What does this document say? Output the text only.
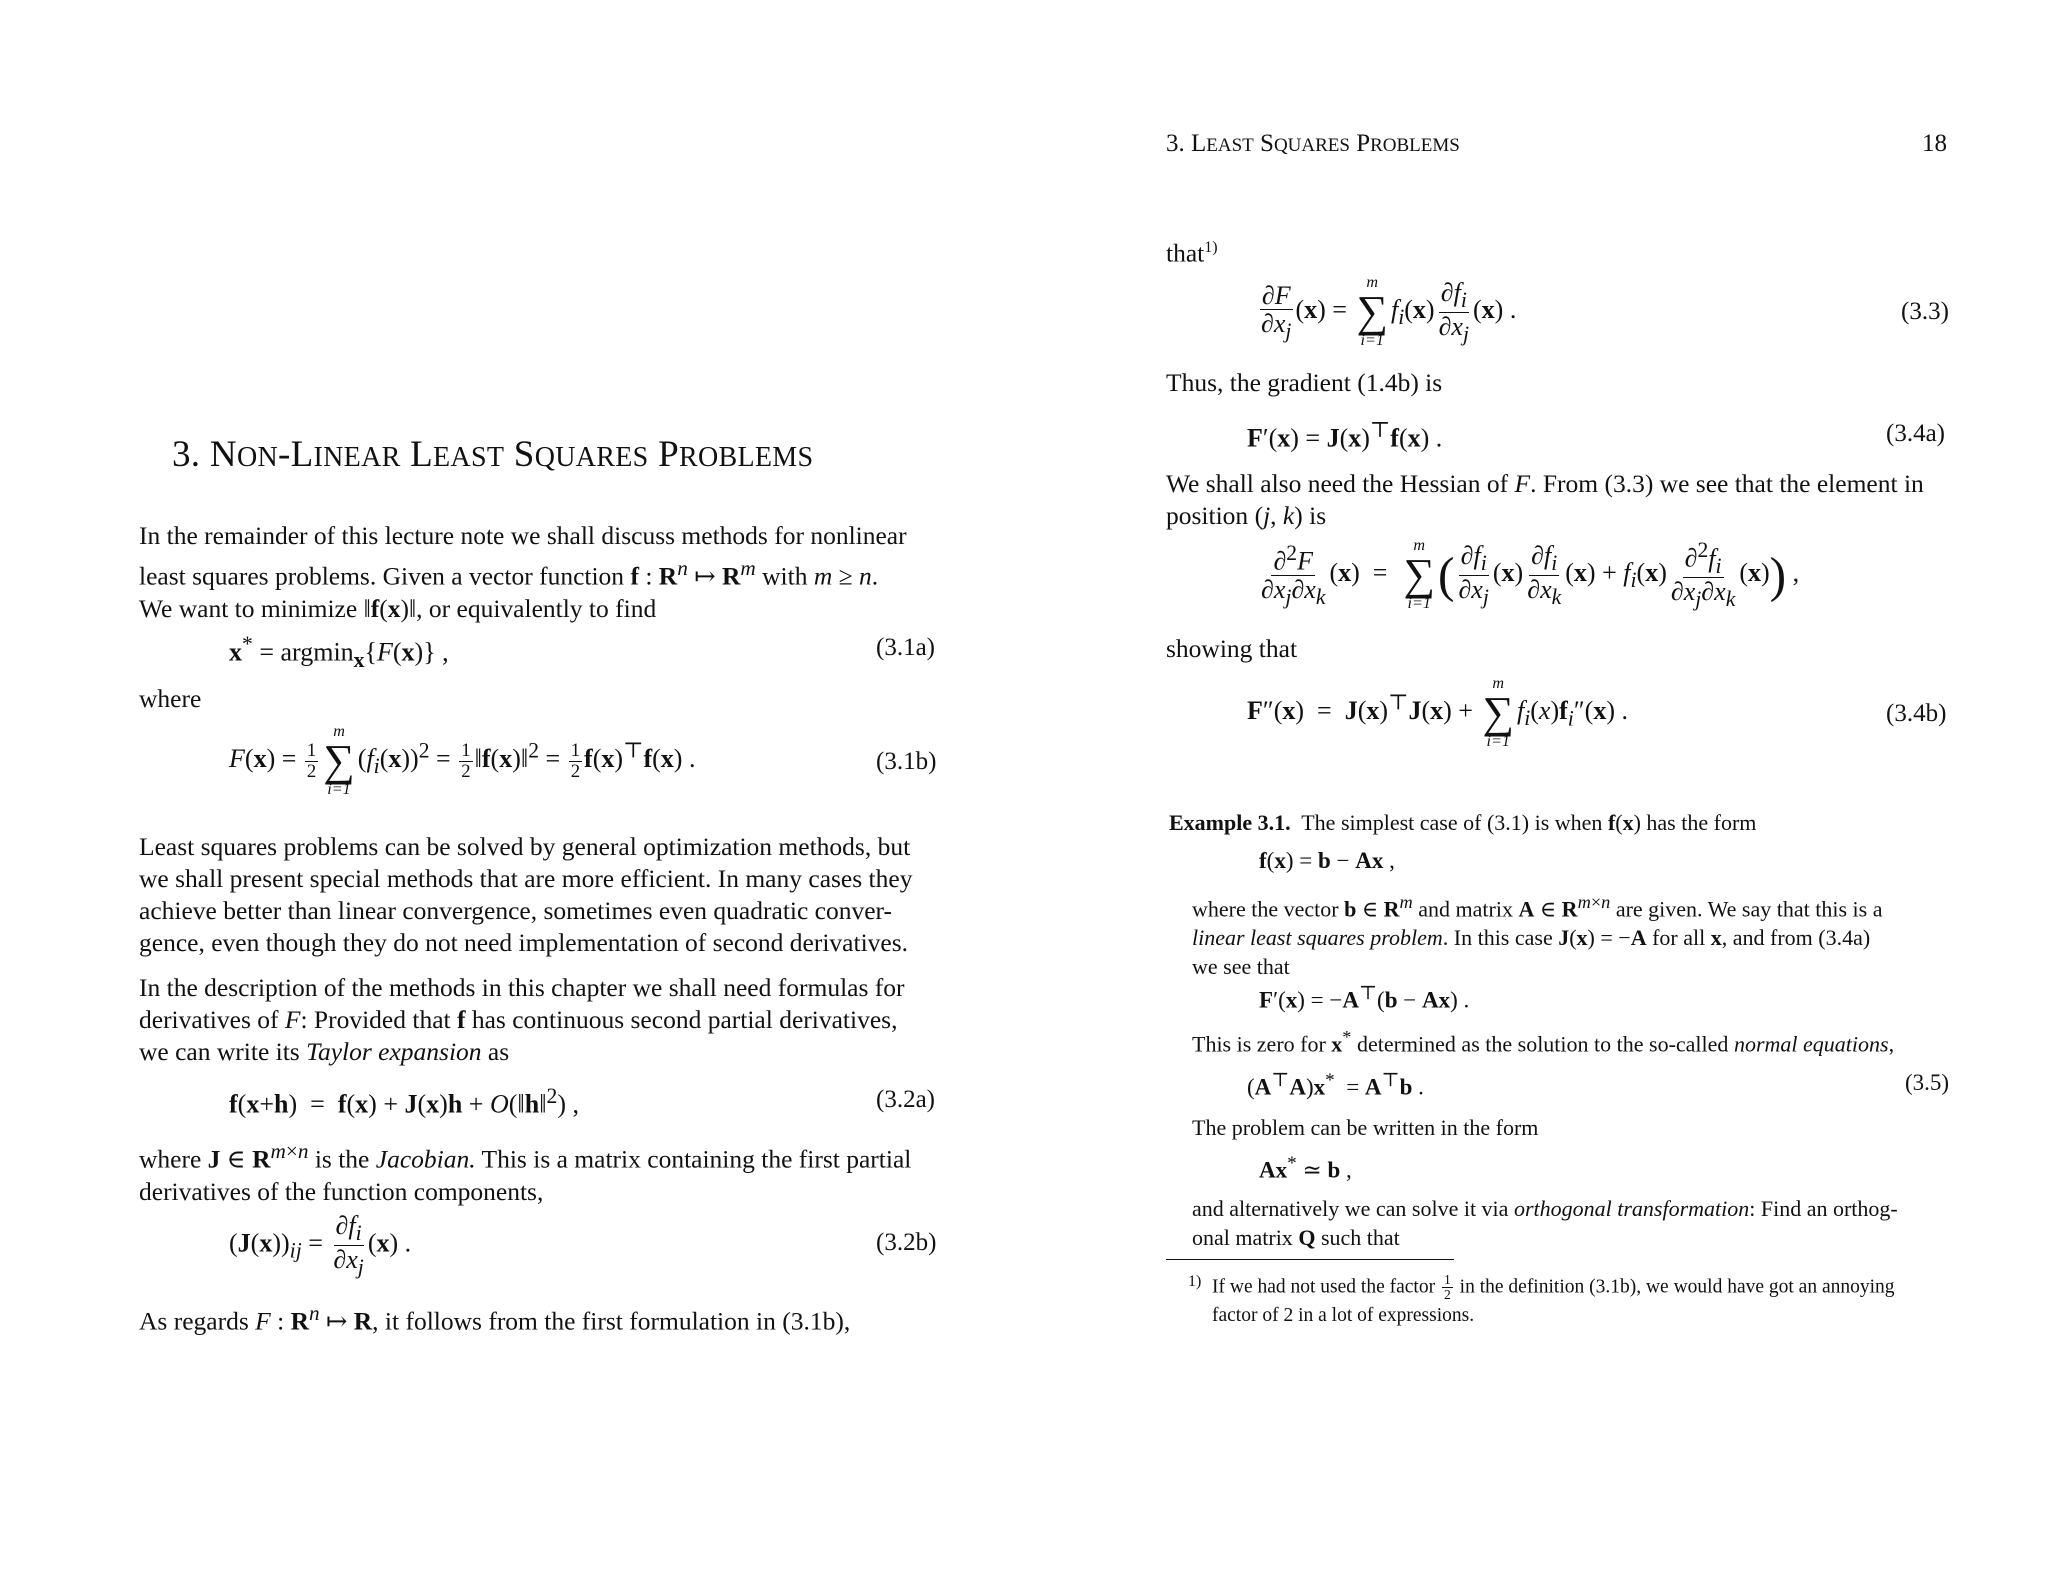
3. NON-LINEAR LEAST SQUARES PROBLEMS
In the remainder of this lecture note we shall discuss methods for nonlinear
least squares problems. Given a vector function f : $R^n$ ↦ $R^m$ with m ≥ n.
We want to minimize ‖f(x)‖, or equivalently to find
x* = argmin$_x${F(x)} ,	(3.1a)
where
$F(x) = \frac{1}{2}$
m
∑
i=1
$(f_i(x))^2 = \frac{1}{2}$ ‖f(x)‖$^2$ = $\frac{1}{2} f(x)^⊤f(x)$ .	(3.1b)
Least squares problems can be solved by general optimization methods, but
we shall present special methods that are more efficient. In many cases they
achieve better than linear convergence, sometimes even quadratic conver-
gence, even though they do not need implementation of second derivatives.
In the description of the methods in this chapter we shall need formulas for
derivatives of F: Provided that f has continuous second partial derivatives,
we can write its Taylor expansion as
f(x+h)  =  f(x) + J(x)h + O(‖h‖$^2$) ,	(3.2a)
where J ∈ $R^{m\times n}$ is the Jacobian. This is a matrix containing the first partial
derivatives of the function components,
$(J(x))_{ij} = \frac{\partial f_i}{\partial x_j} (x)$ .	(3.2b)
As regards F : $R^n$ ↦ R, it follows from the first formulation in (3.1b),
3. LEAST SQUARES PROBLEMS	18
that$^{1)}$
$\frac{\partial F}{\partial x_j} (x)$ =
m
∑
i=1
$f_i(x) \frac{\partial f_i}{\partial x_j} (x)$ .	(3.3)
Thus, the gradient (1.4b) is
F′(x) = J(x)⊤f(x) .	(3.4a)
We shall also need the Hessian of F. From (3.3) we see that the element in
position (j, k) is
$\frac{\partial^2F}{\partial x_j\partial x_k} (x)$  =
m
∑
i=1
( $\frac{\partial f_i}{\partial x_j} (x) \frac{\partial f_i}{\partial x_k} (x) + f_i(x) \frac{\partial^2f_i}{\partial x_j\partial x_k} (x)$) ,
showing that
F″(x)  =  J(x)⊤J(x) +
m
∑
i=1
$f_i(x)f_i''(x)$ .	(3.4b)
Example 3.1. The simplest case of (3.1) is when f(x) has the form
f(x) = b − Ax ,
where the vector b ∈ $R^m$ and matrix A ∈ $R^{m\times n}$ are given. We say that this is a
linear least squares problem. In this case J(x) = −A for all x, and from (3.4a)
we see that
F′(x) = −A⊤(b − Ax) .
This is zero for x* determined as the solution to the so-called normal equations,
(A⊤A)x*  = A⊤b .	(3.5)
The problem can be written in the form
Ax* ≃ b ,
and alternatively we can solve it via orthogonal transformation: Find an orthog-
onal matrix Q such that
1) If we had not used the factor $\frac{1}{2}$ in the definition (3.1b), we would have got an annoying
factor of 2 in a lot of expressions.
